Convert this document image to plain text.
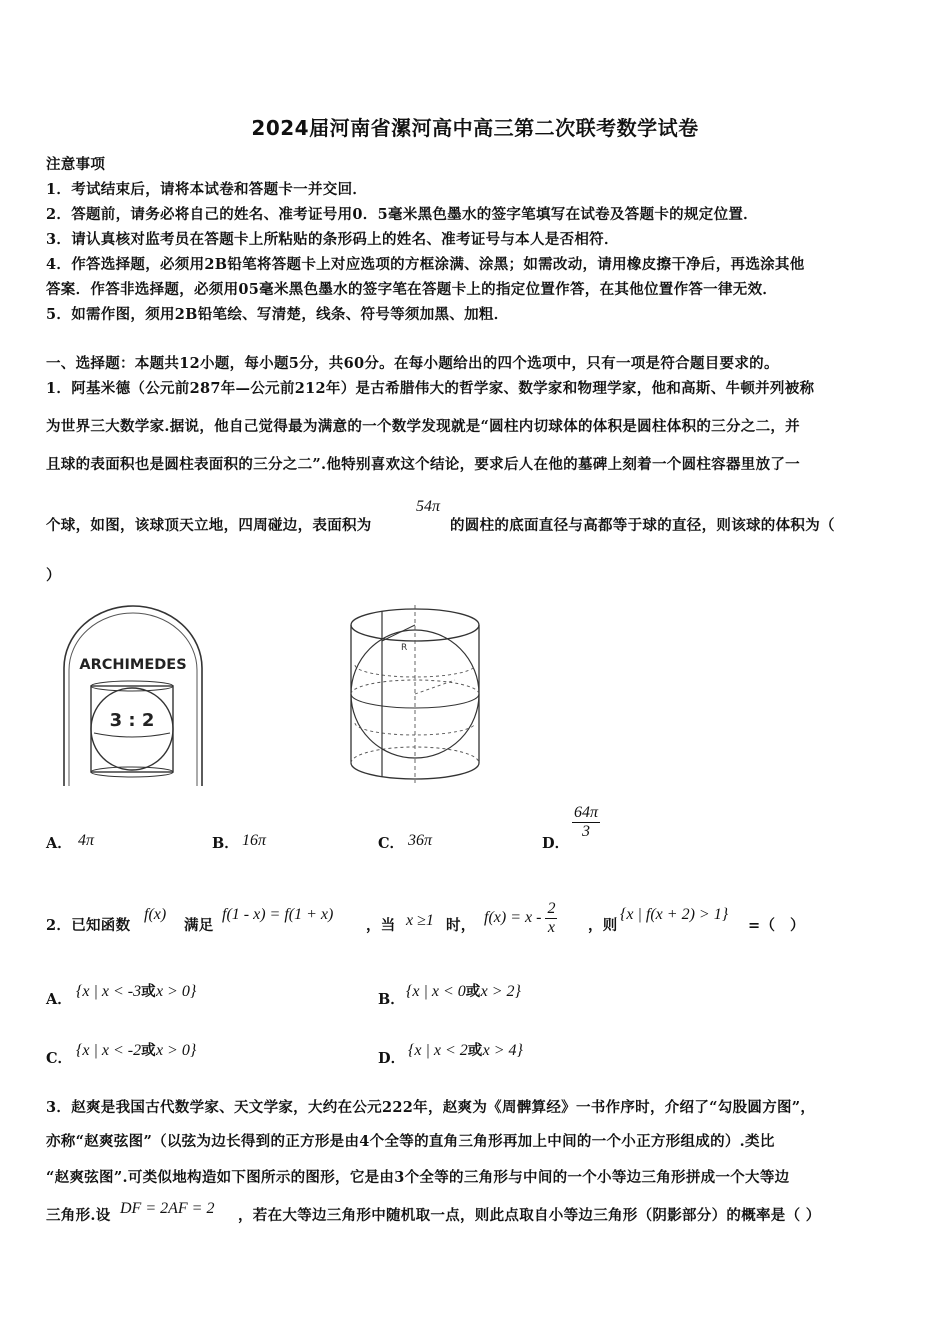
2024届河南省漯河高中高三第二次联考数学试卷
注意事项
1．考试结束后，请将本试卷和答题卡一并交回．
2．答题前，请务必将自己的姓名、准考证号用0．5毫米黑色墨水的签字笔填写在试卷及答题卡的规定位置．
3．请认真核对监考员在答题卡上所粘贴的条形码上的姓名、准考证号与本人是否相符．
4．作答选择题，必须用2B铅笔将答题卡上对应选项的方框涂满、涂黑；如需改动，请用橡皮擦干净后，再选涂其他
答案．作答非选择题，必须用05毫米黑色墨水的签字笔在答题卡上的指定位置作答，在其他位置作答一律无效．
5．如需作图，须用2B铅笔绘、写清楚，线条、符号等须加黑、加粗．
一、选择题：本题共12小题，每小题5分，共60分。在每小题给出的四个选项中，只有一项是符合题目要求的。
1．阿基米德（公元前287年—公元前212年）是古希腊伟大的哲学家、数学家和物理学家，他和高斯、牛顿并列被称
为世界三大数学家.据说，他自己觉得最为满意的一个数学发现就是“圆柱内切球体的体积是圆柱体积的三分之二，并
且球的表面积也是圆柱表面积的三分之二”.他特别喜欢这个结论，要求后人在他的墓碑上刻着一个圆柱容器里放了一
个球，如图，该球顶天立地，四周碰边，表面积为
54π
的圆柱的底面直径与高都等于球的直径，则该球的体积为（
）
ARCHIMEDES
3 : 2
R
A． 4π	B． 16π	C． 36π	D．
$\frac{64\pi}{3}$
2．已知函数
f(x)
满足
f(1 - x) = f(1 + x)
，当 x ≥1 时， $f(x) = x - \frac{2}{x}$ ，则
{x | f(x + 2) > 1}
=（　）
A． {x | x < -3或x > 0}	B． {x | x < 0或x > 2}
C． {x | x < -2或x > 0}	D． {x | x < 2或x > 4}
3．赵爽是我国古代数学家、天文学家，大约在公元222年，赵爽为《周髀算经》一书作序时，介绍了“勾股圆方图”，
亦称“赵爽弦图”（以弦为边长得到的正方形是由4个全等的直角三角形再加上中间的一个小正方形组成的）.类比
“赵爽弦图”.可类似地构造如下图所示的图形，它是由3个全等的三角形与中间的一个小等边三角形拼成一个大等边
三角形.设 DF = 2AF = 2 ，若在大等边三角形中随机取一点，则此点取自小等边三角形（阴影部分）的概率是（ ）
